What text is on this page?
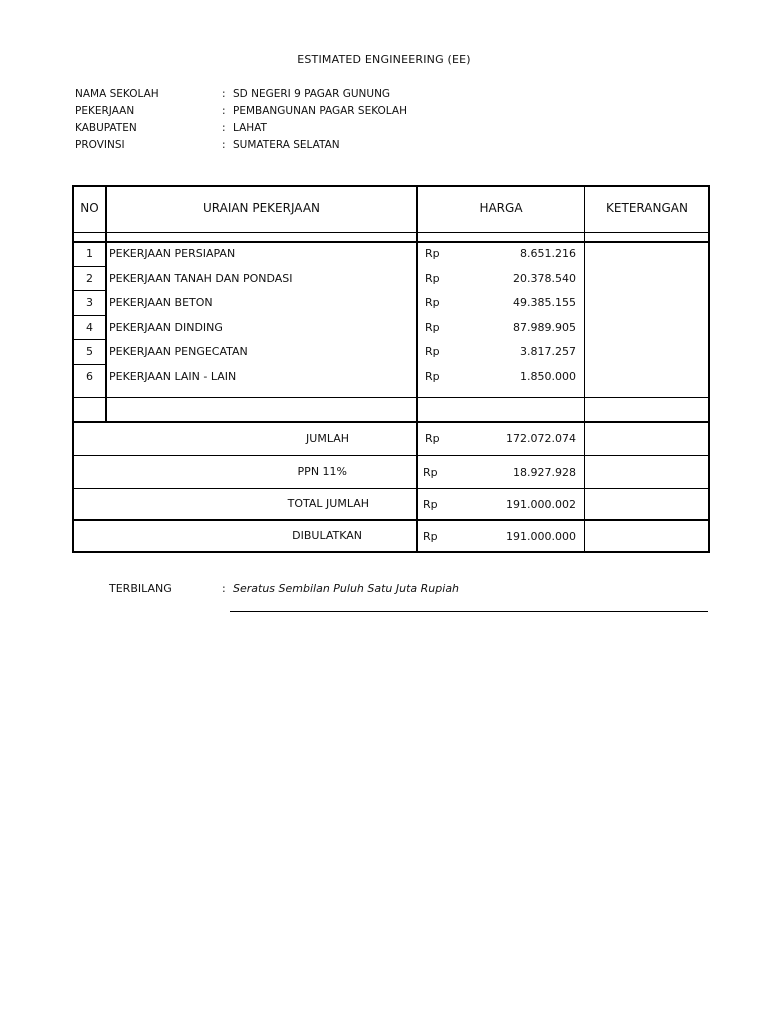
ESTIMATED ENGINEERING (EE)
NAMA SEKOLAH	: SD NEGERI 9 PAGAR GUNUNG
PEKERJAAN	: PEMBANGUNAN PAGAR SEKOLAH
KABUPATEN	: LAHAT
PROVINSI	: SUMATERA SELATAN
NO	URAIAN PEKERJAAN	HARGA	KETERANGAN
1	PEKERJAAN PERSIAPAN	Rp	8.651.216
2	PEKERJAAN TANAH DAN PONDASI	Rp	20.378.540
3	PEKERJAAN BETON	Rp	49.385.155
4	PEKERJAAN DINDING	Rp	87.989.905
5	PEKERJAAN PENGECATAN	Rp	3.817.257
6	PEKERJAAN LAIN - LAIN	Rp	1.850.000
JUMLAH	Rp	172.072.074
PPN 11%	Rp	18.927.928
TOTAL JUMLAH	Rp	191.000.002
DIBULATKAN	Rp	191.000.000
TERBILANG	: Seratus Sembilan Puluh Satu Juta Rupiah
